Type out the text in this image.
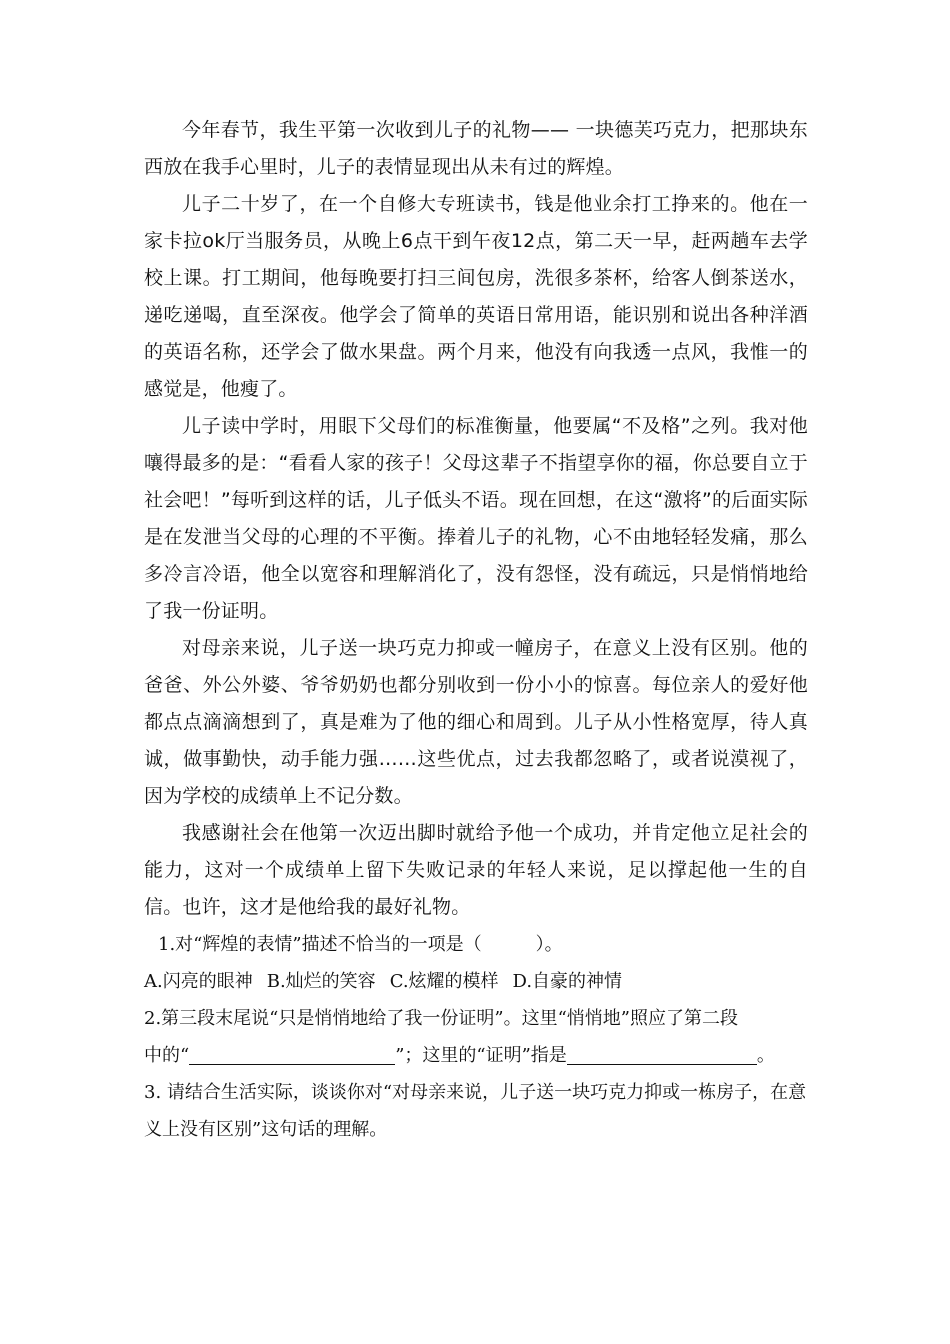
今年春节，我生平第一次收到儿子的礼物—— 一块德芙巧克力，把那块东西放在我手心里时，儿子的表情显现出从未有过的辉煌。

儿子二十岁了，在一个自修大专班读书，钱是他业余打工挣来的。他在一家卡拉ok厅当服务员，从晚上6点干到午夜12点，第二天一早，赶两趟车去学校上课。打工期间，他每晚要打扫三间包房，洗很多茶杯，给客人倒茶送水，递吃递喝，直至深夜。他学会了简单的英语日常用语，能识别和说出各种洋酒的英语名称，还学会了做水果盘。两个月来，他没有向我透一点风，我惟一的感觉是，他瘦了。

儿子读中学时，用眼下父母们的标准衡量，他要属“不及格”之列。我对他嚷得最多的是：“看看人家的孩子！父母这辈子不指望享你的福，你总要自立于社会吧！”每听到这样的话，儿子低头不语。现在回想，在这“激将”的后面实际是在发泄当父母的心理的不平衡。捧着儿子的礼物，心不由地轻轻发痛，那么多冷言冷语，他全以宽容和理解消化了，没有怨怪，没有疏远，只是悄悄地给了我一份证明。

对母亲来说，儿子送一块巧克力抑或一幢房子，在意义上没有区别。他的爸爸、外公外婆、爷爷奶奶也都分别收到一份小小的惊喜。每位亲人的爱好他都点点滴滴想到了，真是难为了他的细心和周到。儿子从小性格宽厚，待人真诚，做事勤快，动手能力强……这些优点，过去我都忽略了，或者说漠视了，因为学校的成绩单上不记分数。

我感谢社会在他第一次迈出脚时就给予他一个成功，并肯定他立足社会的能力，这对一个成绩单上留下失败记录的年轻人来说，足以撑起他一生的自信。也许，这才是他给我的最好礼物。

1.对“辉煌的表情”描述不恰当的一项是（	）。

A.闪亮的眼神 B.灿烂的笑容 C.炫耀的模样 D.自豪的神情

2.第三段末尾说“只是悄悄地给了我一份证明”。这里“悄悄地”照应了第二段

中的“	”；这里的“证明”指是	。

3. 请结合生活实际，谈谈你对“对母亲来说，儿子送一块巧克力抑或一栋房子，在意义上没有区别”这句话的理解。
